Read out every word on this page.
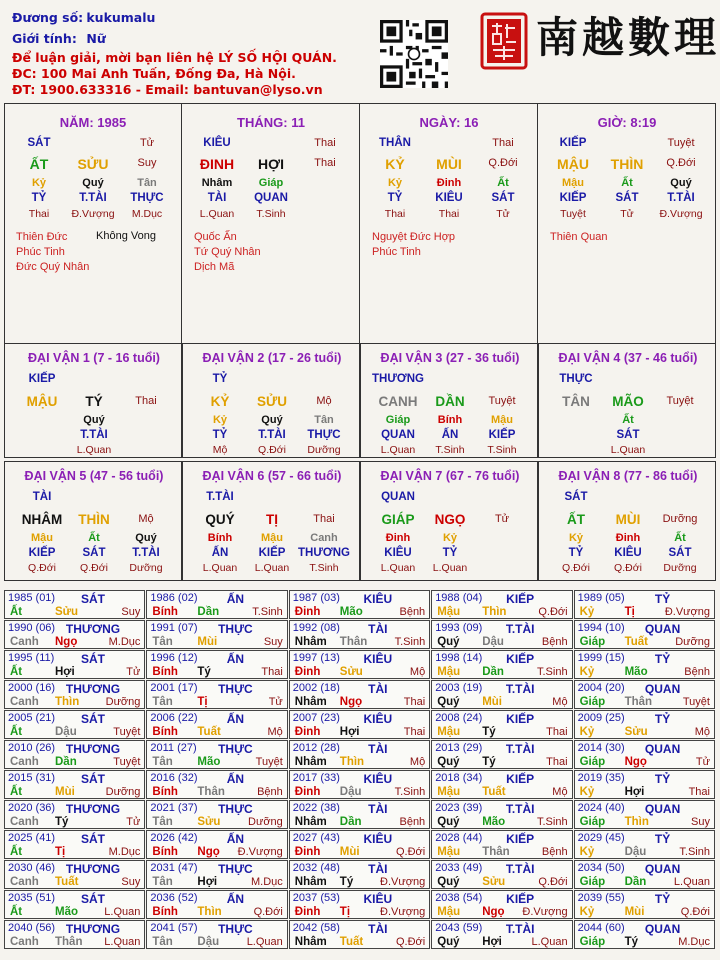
Đương số: kukumalu
Giới tính: Nữ
Để luận giải, mời bạn liên hệ LÝ SỐ HỘI QUÁN.
ĐC: 100 Mai Anh Tuấn, Đống Đa, Hà Nội.
ĐT: 1900.633316 - Email: bantuvan@lyso.vn
南越數理
NĂM: 1985
SÁT	Tử
ẤT SỬU	Suy
Kỷ
TỶ
Thai
Quý
T.TÀI
Đ.Vượng
Tân
THỰC
M.Dục
Thiên Đức
Phúc Tinh
Đức Quý Nhân
Không Vong
THÁNG: 11
KIÊU	Thai
ĐINH HỢI	Thai
Nhâm
TÀI
L.Quan
Giáp
QUAN
T.Sinh
Quốc Ấn
Tứ Quý Nhân
Dịch Mã
NGÀY: 16
THÂN	Thai
KỶ MÙI Q.Đới
Kỷ
TỶ
Thai
Đinh
KIÊU
Thai
Ất
SÁT
Tử
Nguyệt Đức Hợp
Phúc Tinh
GIỜ: 8:19
KIẾP	Tuyệt
MẬU THÌN Q.Đới
Mậu
KIẾP
Tuyệt
Ất
SÁT
Tử
Quý
T.TÀI
Đ.Vượng
Thiên Quan
ĐẠI VẬN 1 (7 - 16 tuổi)
KIẾP
MẬU TÝ	Thai
Quý
T.TÀI
L.Quan
ĐẠI VẬN 2 (17 - 26 tuổi)
TỶ
KỶ SỬU	Mộ
Kỷ
TỶ
Mộ
Quý
T.TÀI
Q.Đới
Tân
THỰC
Dưỡng
ĐẠI VẬN 3 (27 - 36 tuổi)
THƯƠNG
CANH DẦN Tuyệt
Giáp
QUAN
L.Quan
Bính
ẤN
T.Sinh
Mậu
KIẾP
T.Sinh
ĐẠI VẬN 4 (37 - 46 tuổi)
THỰC
TÂN MÃO Tuyệt
Ất
SÁT
L.Quan
ĐẠI VẬN 5 (47 - 56 tuổi)
TÀI
NHÂM THÌN	Mộ
Mậu
KIẾP
Q.Đới
Ất
SÁT
Q.Đới
Quý
T.TÀI
Dưỡng
ĐẠI VẬN 6 (57 - 66 tuổi)
T.TÀI
QUÝ TỊ	Thai
Bính
ẤN
L.Quan
Mậu
KIẾP
L.Quan
Canh
THƯƠNG
T.Sinh
ĐẠI VẬN 7 (67 - 76 tuổi)
QUAN
GIÁP NGỌ	Tử
Đinh
KIÊU
L.Quan
Kỷ
TỶ
L.Quan
ĐẠI VẬN 8 (77 - 86 tuổi)
SÁT
ẤT MÙI Dưỡng
Kỷ
TỶ
Q.Đới
Đinh
KIÊU
Q.Đới
Ất
SÁT
Dưỡng
1985 (01) SÁT
Ất	Sửu	Suy
1986 (02) ẤN
Bính Dần	T.Sinh
1987 (03) KIÊU
Đinh Mão	Bệnh
1988 (04) KIẾP
Mậu Thìn	Q.Đới
1989 (05)	TỶ
Kỷ	Tị	Đ.Vượng
1990 (06) THƯƠNG
Canh Ngọ	M.Dục
1991 (07) THỰC
Tân Mùi	Suy
1992 (08) TÀI
Nhâm Thân T.Sinh
1993 (09) T.TÀI
Quý Dậu	Bệnh
1994 (10) QUAN
Giáp Tuất Dưỡng
1995 (11) SÁT
Ất	Hợi	Tử
1996 (12) ẤN
Bính Tý	Thai
1997 (13) KIÊU
Đinh Sửu	Mộ
1998 (14) KIẾP
Mậu Dần	T.Sinh
1999 (15)	TỶ
Kỷ	Mão	Bệnh
2000 (16) THƯƠNG
Canh Thìn Dưỡng
2001 (17) THỰC
Tân Tị	Tử
2002 (18) TÀI
Nhâm Ngọ	Thai
2003 (19) T.TÀI
Quý Mùi	Mộ
2004 (20) QUAN
Giáp Thân	Tuyệt
2005 (21) SÁT
Ất	Dậu	Tuyệt
2006 (22) ẤN
Bính Tuất	Mộ
2007 (23) KIÊU
Đinh Hợi	Thai
2008 (24) KIẾP
Mậu Tý	Thai
2009 (25)	TỶ
Kỷ	Sửu	Mộ
2010 (26) THƯƠNG
Canh Dần	Tuyệt
2011 (27) THỰC
Tân Mão	Tuyệt
2012 (28) TÀI
Nhâm Thìn	Mộ
2013 (29) T.TÀI
Quý Tý	Thai
2014 (30) QUAN
Giáp Ngọ	Tử
2015 (31) SÁT
Ất	Mùi	Dưỡng
2016 (32) ẤN
Bính Thân	Bệnh
2017 (33) KIÊU
Đinh Dậu	T.Sinh
2018 (34) KIẾP
Mậu Tuất	Mộ
2019 (35)	TỶ
Kỷ	Hợi	Thai
2020 (36) THƯƠNG
Canh Tý	Tử
2021 (37) THỰC
Tân Sửu	Dưỡng
2022 (38) TÀI
Nhâm Dần	Bệnh
2023 (39) T.TÀI
Quý Mão	T.Sinh
2024 (40) QUAN
Giáp Thìn	Suy
2025 (41) SÁT
Ất	Tị	M.Dục
2026 (42) ẤN
Bính Ngọ Đ.Vượng
2027 (43) KIÊU
Đinh Mùi	Q.Đới
2028 (44) KIẾP
Mậu Thân	Bệnh
2029 (45)	TỶ
Kỷ	Dậu	T.Sinh
2030 (46) THƯƠNG
Canh Tuất	Suy
2031 (47) THỰC
Tân Hợi	M.Dục
2032 (48) TÀI
Nhâm Tý Đ.Vượng
2033 (49) T.TÀI
Quý Sửu	Q.Đới
2034 (50) QUAN
Giáp Dần	L.Quan
2035 (51) SÁT
Ất	Mão L.Quan
2036 (52) ẤN
Bính Thìn	Q.Đới
2037 (53) KIÊU
Đinh Tị	Đ.Vượng
2038 (54) KIẾP
Mậu Ngọ Đ.Vượng
2039 (55)	TỶ
Kỷ	Mùi	Q.Đới
2040 (56) THƯƠNG
Canh Thân L.Quan
2041 (57) THỰC
Tân Dậu	L.Quan
2042 (58) TÀI
Nhâm Tuất	Q.Đới
2043 (59) T.TÀI
Quý Hợi	L.Quan
2044 (60) QUAN
Giáp Tý	M.Dục
